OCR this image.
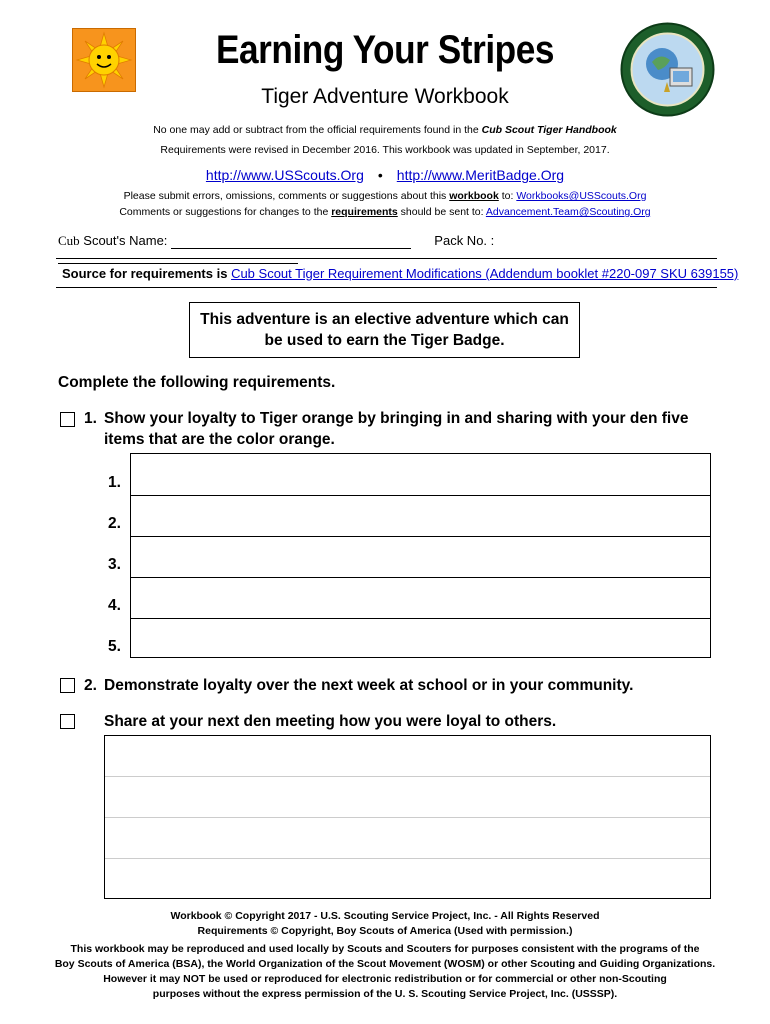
Earning Your Stripes
Tiger Adventure Workbook
No one may add or subtract from the official requirements found in the Cub Scout Tiger Handbook
Requirements were revised in December 2016. This workbook was updated in September, 2017.
http://www.USScouts.Org • http://www.MeritBadge.Org
Please submit errors, omissions, comments or suggestions about this workbook to: Workbooks@USScouts.Org
Comments or suggestions for changes to the requirements should be sent to: Advancement.Team@Scouting.Org
Cub Scout's Name:	Pack No. :
Source for requirements is Cub Scout Tiger Requirement Modifications (Addendum booklet #220-097 SKU 639155)
This adventure is an elective adventure which can be used to earn the Tiger Badge.
Complete the following requirements.
1. Show your loyalty to Tiger orange by bringing in and sharing with your den five items that are the color orange.
1.
2.
3.
4.
5.
2. Demonstrate loyalty over the next week at school or in your community.
Share at your next den meeting how you were loyal to others.
Workbook © Copyright 2017 - U.S. Scouting Service Project, Inc. - All Rights Reserved
Requirements © Copyright, Boy Scouts of America (Used with permission.)
This workbook may be reproduced and used locally by Scouts and Scouters for purposes consistent with the programs of the
Boy Scouts of America (BSA), the World Organization of the Scout Movement (WOSM) or other Scouting and Guiding Organizations.
However it may NOT be used or reproduced for electronic redistribution or for commercial or other non-Scouting
purposes without the express permission of the U. S. Scouting Service Project, Inc. (USSSP).
